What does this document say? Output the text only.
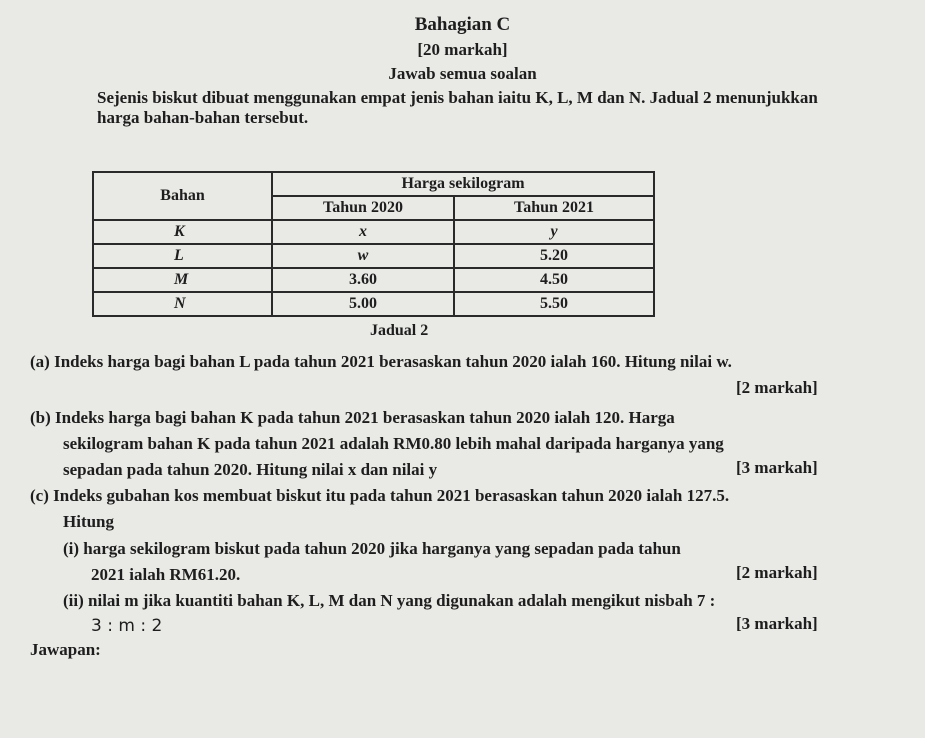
Bahagian C
[20 markah]
Jawab semua soalan
Sejenis biskut dibuat menggunakan empat jenis bahan iaitu K, L, M dan N. Jadual 2 menunjukkan harga bahan-bahan tersebut.
Bahan	Harga sekilogram	
	Tahun 2020	Tahun 2021
K	x	y
L	w	5.20
M	3.60	4.50
N	5.00	5.50
Jadual 2
(a) Indeks harga bagi bahan L pada tahun 2021 berasaskan tahun 2020 ialah 160. Hitung nilai w.
[2 markah]
(b) Indeks harga bagi bahan K pada tahun 2021 berasaskan tahun 2020 ialah 120. Harga
sekilogram bahan K pada tahun 2021 adalah RM0.80 lebih mahal daripada harganya yang
sepadan pada tahun 2020. Hitung nilai x dan nilai y	[3 markah]
(c) Indeks gubahan kos membuat biskut itu pada tahun 2021 berasaskan tahun 2020 ialah 127.5.
Hitung
(i) harga sekilogram biskut pada tahun 2020 jika harganya yang sepadan pada tahun
2021 ialah RM61.20.	[2 markah]
(ii) nilai m jika kuantiti bahan K, L, M dan N yang digunakan adalah mengikut nisbah 7 :
3 : m : 2	[3 markah]
Jawapan:
